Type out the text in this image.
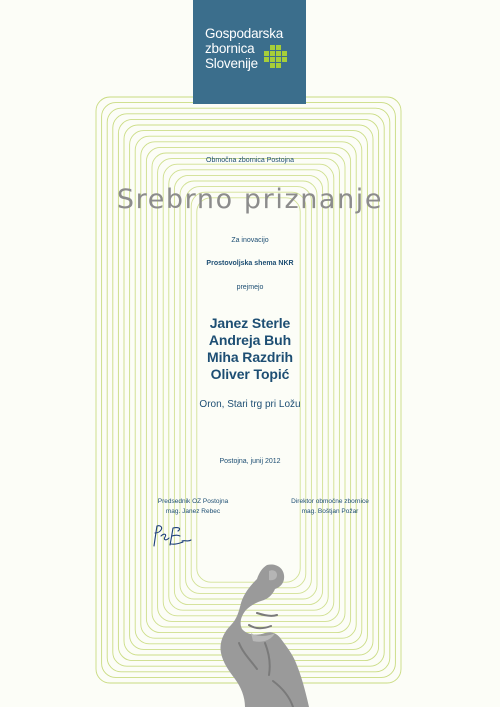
Gospodarska
zbornica
Slovenije
Območna zbornica Postojna
Srebrno priznanje
Za inovacijo
Prostovoljska shema NKR
prejmejo
Janez Sterle
Andreja Buh
Miha Razdrih
Oliver Topić
Oron, Stari trg pri Ložu
Postojna, junij 2012
Predsednik OZ Postojna
mag. Janez Rebec
Direktor območne zbornice
mag. Boštjan Požar
